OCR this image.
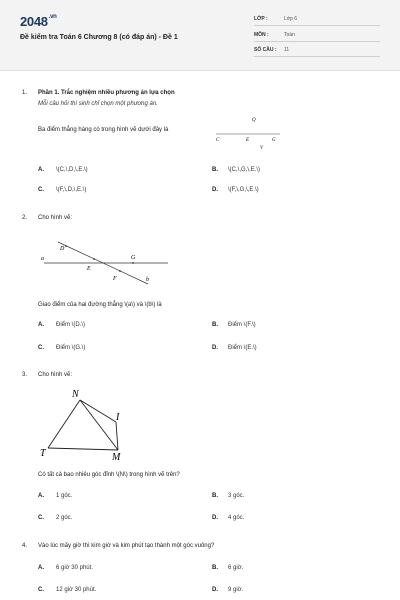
$2048^{.vn}$
Đề kiểm tra Toán 6 Chương 8 (có đáp án) - Đề 1
LỚP :	Lớp 6
MÔN :	Toán
SỐ CÂU : 11
1. Phần 1. Trắc nghiệm nhiều phương án lựa chọn
Mỗi câu hỏi thí sinh chỉ chọn một phương án.
Ba điểm thẳng hàng có trong hình vẽ dưới đây là
Q
C	E	G
V
A. \(C,\,D,\,E.\)	B. \(C,\,G,\,E.\)
C. \(F,\,D,\,E.\)	D. \(F,\,G,\,E.\)
2. Cho hình vẽ:
D
a	G
E
F	b
Giao điểm của hai đường thẳng \(a\) và \(b\) là
A. Điểm \(D.\)	B. Điểm \(F.\)
C. Điểm \(G.\)	D. Điểm \(E.\)
3. Cho hình vẽ:
N
I
T	M
Có tất cả bao nhiêu góc đỉnh \(N\) trong hình vẽ trên?
A. 1 góc.	B. 3 góc.
C. 2 góc.	D. 4 góc.
4. Vào lúc mấy giờ thì kim giờ và kim phút tạo thành một góc vuông?
A. 6 giờ 30 phút.	B. 6 giờ.
C. 12 giờ 30 phút.	D. 9 giờ.
